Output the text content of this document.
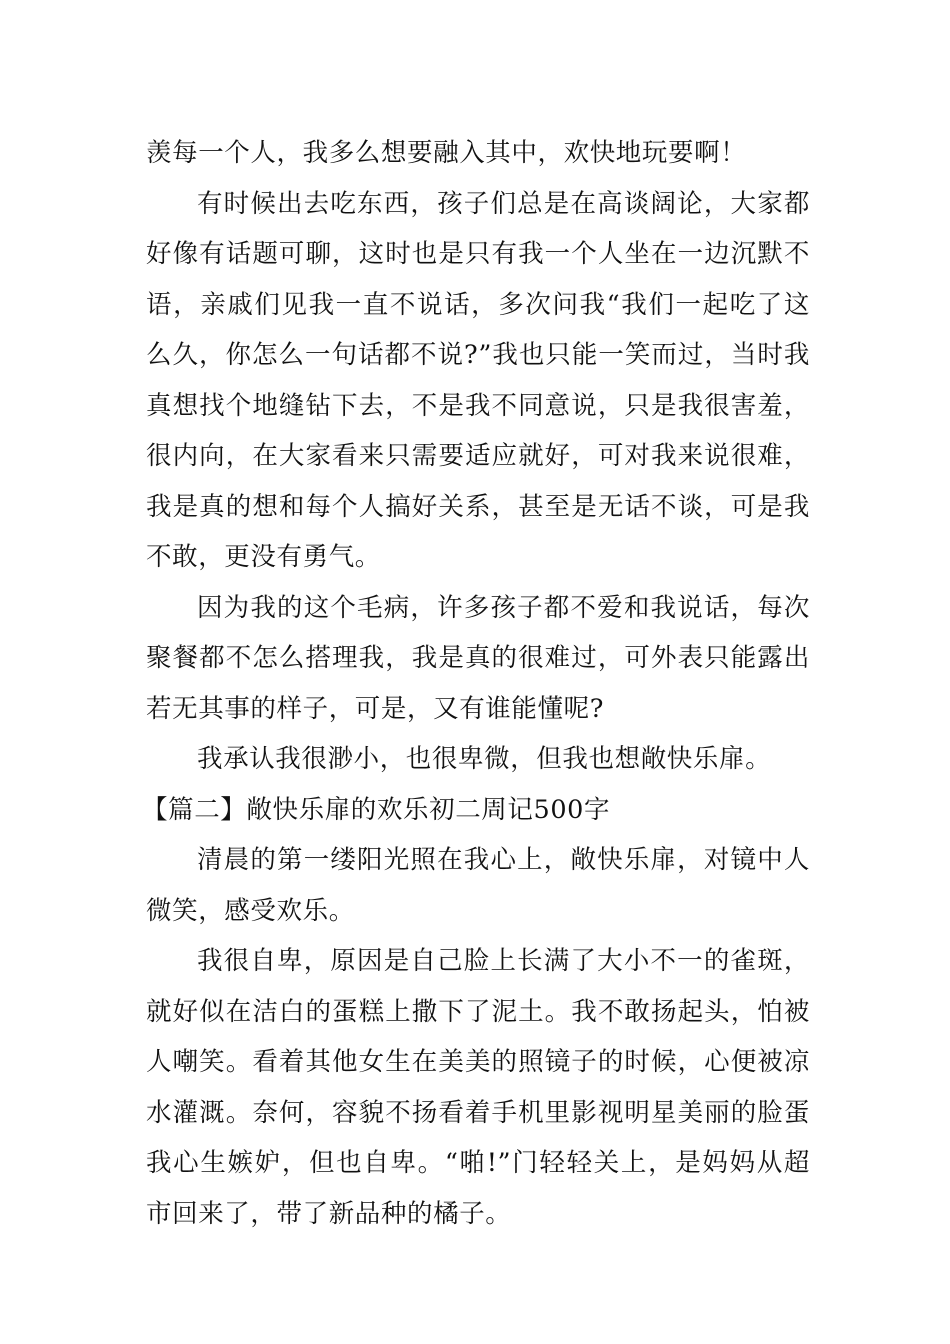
羡每一个人，我多么想要融入其中，欢快地玩要啊！

有时候出去吃东西，孩子们总是在高谈阔论，大家都好像有话题可聊，这时也是只有我一个人坐在一边沉默不语，亲戚们见我一直不说话，多次问我“我们一起吃了这么久，你怎么一句话都不说?”我也只能一笑而过，当时我真想找个地缝钻下去，不是我不同意说，只是我很害羞，很内向，在大家看来只需要适应就好，可对我来说很难，我是真的想和每个人搞好关系，甚至是无话不谈，可是我不敢，更没有勇气。

因为我的这个毛病，许多孩子都不爱和我说话，每次聚餐都不怎么搭理我，我是真的很难过，可外表只能露出若无其事的样子，可是，又有谁能懂呢?

我承认我很渺小，也很卑微，但我也想敞快乐扉。

【篇二】敞快乐扉的欢乐初二周记500字

清晨的第一缕阳光照在我心上，敞快乐扉，对镜中人微笑，感受欢乐。

我很自卑，原因是自己脸上长满了大小不一的雀斑，就好似在洁白的蛋糕上撒下了泥土。我不敢扬起头，怕被人嘲笑。看着其他女生在美美的照镜子的时候，心便被凉水灌溉。奈何，容貌不扬看着手机里影视明星美丽的脸蛋我心生嫉妒，但也自卑。“啪!”门轻轻关上，是妈妈从超市回来了，带了新品种的橘子。
